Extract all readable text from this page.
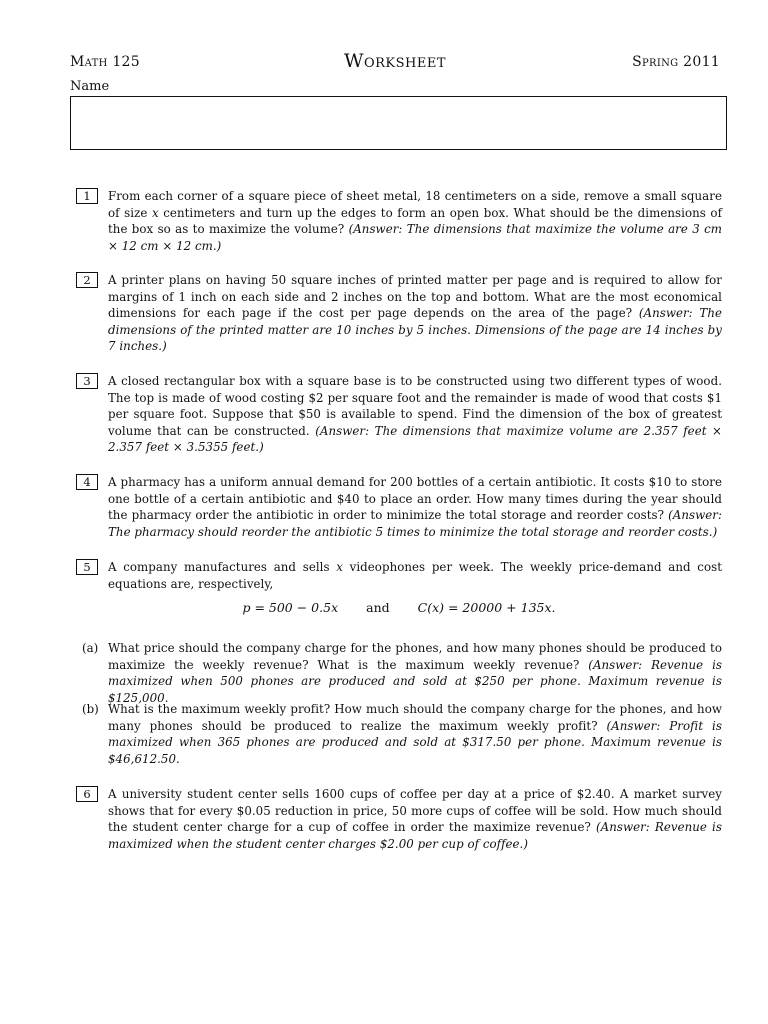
Math 125	Worksheet	Spring 2011
Name
1	From each corner of a square piece of sheet metal, 18 centimeters on a side, remove a small square of size x centimeters and turn up the edges to form an open box. What should be the dimensions of the box so as to maximize the volume? (Answer: The dimensions that maximize the volume are 3 cm × 12 cm × 12 cm.)
2	A printer plans on having 50 square inches of printed matter per page and is required to allow for margins of 1 inch on each side and 2 inches on the top and bottom. What are the most economical dimensions for each page if the cost per page depends on the area of the page? (Answer: The dimensions of the printed matter are 10 inches by 5 inches. Dimensions of the page are 14 inches by 7 inches.)
3	A closed rectangular box with a square base is to be constructed using two different types of wood. The top is made of wood costing $2 per square foot and the remainder is made of wood that costs $1 per square foot. Suppose that $50 is available to spend. Find the dimension of the box of greatest volume that can be constructed. (Answer: The dimensions that maximize volume are 2.357 feet × 2.357 feet × 3.5355 feet.)
4	A pharmacy has a uniform annual demand for 200 bottles of a certain antibiotic. It costs $10 to store one bottle of a certain antibiotic and $40 to place an order. How many times during the year should the pharmacy order the antibiotic in order to minimize the total storage and reorder costs? (Answer: The pharmacy should reorder the antibiotic 5 times to minimize the total storage and reorder costs.)
5	A company manufactures and sells x videophones per week. The weekly price-demand and cost equations are, respectively,
p = 500 − 0.5x and C(x) = 20000 + 135x.
(a) What price should the company charge for the phones, and how many phones should be produced to maximize the weekly revenue? What is the maximum weekly revenue? (Answer: Revenue is maximized when 500 phones are produced and sold at $250 per phone. Maximum revenue is $125,000.
(b) What is the maximum weekly profit? How much should the company charge for the phones, and how many phones should be produced to realize the maximum weekly profit? (Answer: Profit is maximized when 365 phones are produced and sold at $317.50 per phone. Maximum revenue is $46,612.50.
6	A university student center sells 1600 cups of coffee per day at a price of $2.40. A market survey shows that for every $0.05 reduction in price, 50 more cups of coffee will be sold. How much should the student center charge for a cup of coffee in order the maximize revenue? (Answer: Revenue is maximized when the student center charges $2.00 per cup of coffee.)
